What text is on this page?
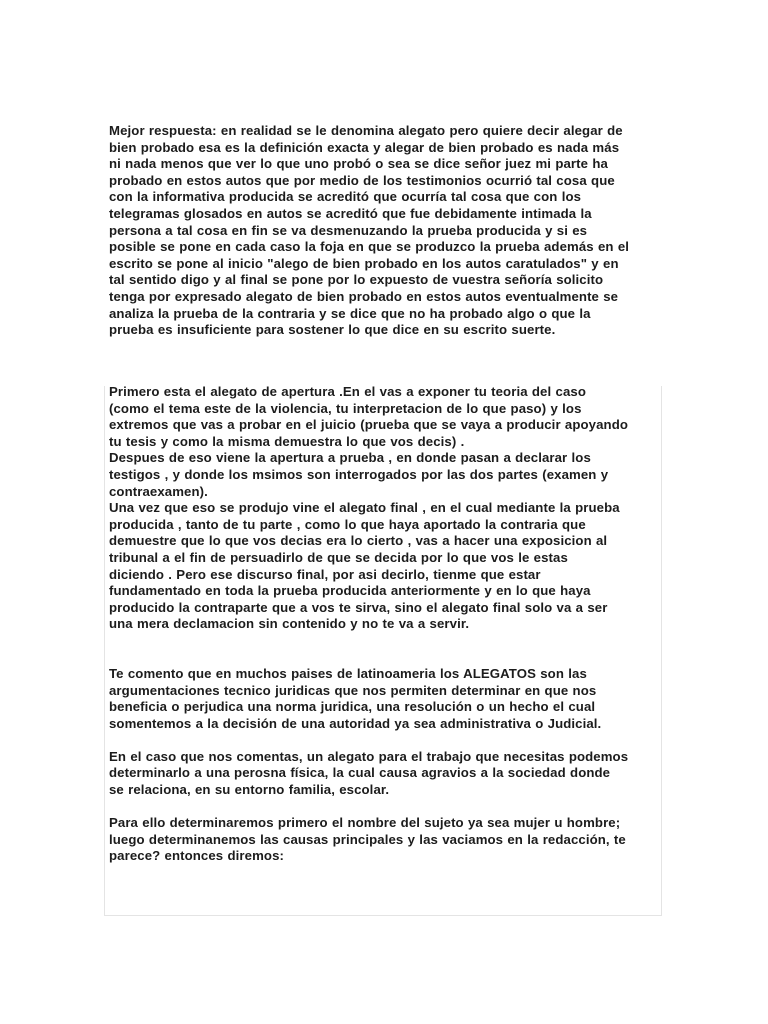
Mejor respuesta: en realidad se le denomina alegato pero quiere decir alegar de
bien probado esa es la definición exacta y alegar de bien probado es nada más
ni nada menos que ver lo que uno probó o sea se dice señor juez mi parte ha
probado en estos autos que por medio de los testimonios ocurrió tal cosa que
con la informativa producida se acreditó que ocurría tal cosa que con los
telegramas glosados en autos se acreditó que fue debidamente intimada la
persona a tal cosa en fin se va desmenuzando la prueba producida y si es
posible se pone en cada caso la foja en que se produzco la prueba además en el
escrito se pone al inicio "alego de bien probado en los autos caratulados" y en
tal sentido digo y al final se pone por lo expuesto de vuestra señoría solicito
tenga por expresado alegato de bien probado en estos autos eventualmente se
analiza la prueba de la contraria y se dice que no ha probado algo o que la
prueba es insuficiente para sostener lo que dice en su escrito suerte.

Primero esta el alegato de apertura .En el vas a exponer tu teoria del caso
(como el tema este de la violencia, tu interpretacion de lo que paso) y los
extremos que vas a probar en el juicio (prueba que se vaya a producir apoyando
tu tesis y como la misma demuestra lo que vos decis) .
Despues de eso viene la apertura a prueba , en donde pasan a declarar los
testigos , y donde los msimos son interrogados por las dos partes (examen y
contraexamen).
Una vez que eso se produjo vine el alegato final , en el cual mediante la prueba
producida , tanto de tu parte , como lo que haya aportado la contraria que
demuestre que lo que vos decias era lo cierto , vas a hacer una exposicion al
tribunal a el fin de persuadirlo de que se decida por lo que vos le estas
diciendo . Pero ese discurso final, por asi decirlo, tienme que estar
fundamentado en toda la prueba producida anteriormente y en lo que haya
producido la contraparte que a vos te sirva, sino el alegato final solo va a ser
una mera declamacion sin contenido y no te va a servir.

Te comento que en muchos paises de latinoameria los ALEGATOS son las
argumentaciones tecnico juridicas que nos permiten determinar en que nos
beneficia o perjudica una norma juridica, una resolución o un hecho el cual
somentemos a la decisión de una autoridad ya sea administrativa o Judicial.

En el caso que nos comentas, un alegato para el trabajo que necesitas podemos
determinarlo a una perosna física, la cual causa agravios a la sociedad donde
se relaciona, en su entorno familia, escolar.

Para ello determinaremos primero el nombre del sujeto ya sea mujer u hombre;
luego determinanemos las causas principales y las vaciamos en la redacción, te
parece? entonces diremos:
